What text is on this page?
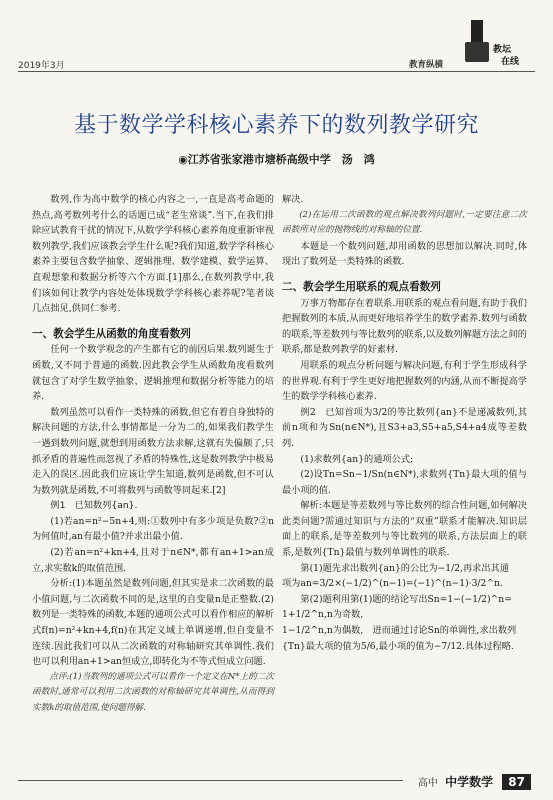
2019年3月	教育纵横
教坛
在线
基于数学学科核心素养下的数列教学研究
◉江苏省张家港市塘桥高级中学　汤　鸿

数列,作为高中数学的核心内容之一,一直是高考命题的热点,高考数列考什么的话题已成“老生常谈”.当下,在我们排除应试教育干扰的情况下,从数学学科核心素养角度重新审视数列教学,我们应该教会学生什么呢?我们知道,数学学科核心素养主要包含数学抽象、逻辑推理、数学建模、数学运算、直观想象和数据分析等六个方面.[1]那么,在数列教学中,我们该如何让教学内容处处体现数学学科核心素养呢?笔者谈几点拙见,供同仁参考.

一、教会学生从函数的角度看数列

任何一个数学观念的产生都有它的前因后果.数列诞生于函数,又不同于普通的函数.因此教会学生从函数角度看数列就包含了对学生数学抽象、逻辑推理和数据分析等能力的培养.

数列虽然可以看作一类特殊的函数,但它有着自身独特的解决问题的方法,什么事情都是一分为二的,如果我们教学生一遇到数列问题,就想到用函数方法求解,这就有失偏颇了,只抓矛盾的普遍性而忽视了矛盾的特殊性,这是数列教学中极易走入的误区.因此我们应该让学生知道,数列是函数,但不可认为数列就是函数,不可将数列与函数等同起来.[2]

例1　已知数列{an}.

(1)若an=n²−5n+4,则:①数列中有多少项是负数?②n为何值时,an有最小值?并求出最小值.

(2)若an=n²+kn+4,且对于n∈N*,都有an+1>an成立,求实数k的取值范围.

分析:(1)本题虽然是数列问题,但其实是求二次函数的最小值问题,与二次函数不同的是,这里的自变量n是正整数.(2)数列是一类特殊的函数,本题的通项公式可以看作相应的解析式f(n)=n²+kn+4,f(n)在其定义域上单调递增,但自变量不连续.因此我们可以从二次函数的对称轴研究其单调性.我们也可以利用an+1>an恒成立,即转化为不等式恒成立问题.

点评:(1)当数列的通项公式可以看作一个定义在N*上的二次函数时,通常可以利用二次函数的对称轴研究其单调性,从而得到实数k的取值范围,使问题得解.

解决.

(2)在运用二次函数的观点解决数列问题时,一定要注意二次函数所对应的抛物线的对称轴的位置.

本题是一个数列问题,却用函数的思想加以解决.同时,体现出了数列是一类特殊的函数.

二、教会学生用联系的观点看数列

万事万物都存在着联系.用联系的观点看问题,有助于我们把握数列的本质,从而更好地培养学生的数学素养.数列与函数的联系,等差数列与等比数列的联系,以及数列解题方法之间的联系,都是数列教学的好素材.

用联系的观点分析问题与解决问题,有利于学生形成科学的世界观.有利于学生更好地把握数列的内涵,从而不断提高学生的数学学科核心素养.

例2　已知首项为3/2的等比数列{an}不是递减数列,其前n项和为Sn(n∈N*),且S3+a3,S5+a5,S4+a4成等差数列.

(1)求数列{an}的通项公式;

(2)设Tn=Sn−1/Sn(n∈N*),求数列{Tn}最大项的值与最小项的值.

解析:本题是等差数列与等比数列的综合性问题,如何解决此类问题?需通过知识与方法的“双重”联系才能解决.知识层面上的联系,是等差数列与等比数列的联系,方法层面上的联系,是数列{Tn}最值与数列单调性的联系.

第(1)题先求出数列{an}的公比为−1/2,再求出其通

项为an=3/2×(−1/2)^(n−1)=(−1)^(n−1)·3/2^n.

第(2)题利用第(1)题的结论写出Sn=1−(−1/2)^n=

1+1/2^n,n为奇数,

1−1/2^n,n为偶数,　进而通过讨论Sn的单调性,求出数列

{Tn}最大项的值为5/6,最小项的值为−7/12.具体过程略.

高中 中学数学 87
